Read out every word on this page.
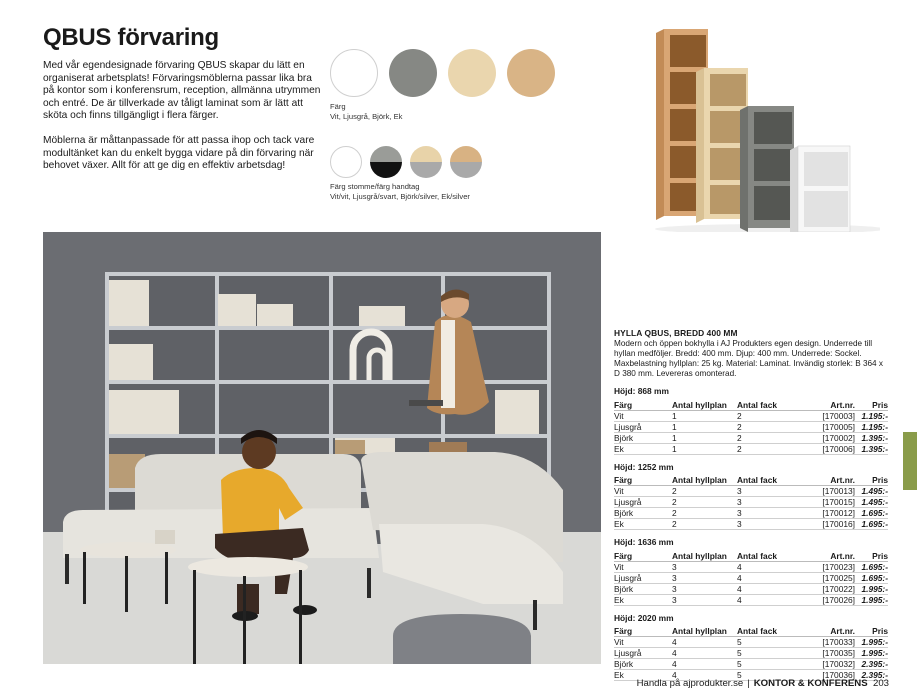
QBUS förvaring

Med vår egendesignade förvaring QBUS skapar du lätt en organiserat arbetsplats! Förvaringsmöblerna passar lika bra på kontor som i konferensrum, reception, allmänna utrymmen och entré. De är tillverkade av tåligt laminat som är lätt att sköta och finns tillgängligt i flera färger.

Möblerna är måttanpassade för att passa ihop och tack vare modultänket kan du enkelt bygga vidare på din förvaring när behovet växer. Allt för att ge dig en effektiv arbetsdag!

Färg
Vit, Ljusgrå, Björk, Ek
Färg stomme/färg handtag
Vit/vit, Ljusgrå/svart, Björk/silver, Ek/silver
HYLLA QBUS, BREDD 400 MM
Modern och öppen bokhylla i AJ Produkters egen design. Underrede till hyllan medföljer. Bredd: 400 mm. Djup: 400 mm. Underrede: Sockel. Maxbelastning hyllplan: 25 kg. Material: Laminat. Invändig storlek: B 364 x D 380 mm. Levereras omonterad.
Höjd: 868 mm
Färg	Antal hyllplan	Antal fack	Art.nr.	Pris
Vit	1	2	[170003]	1.195:-
Ljusgrå	1	2	[170005]	1.195:-
Björk	1	2	[170002]	1.395:-
Ek	1	2	[170006]	1.395:-
Höjd: 1252 mm
Färg	Antal hyllplan	Antal fack	Art.nr.	Pris
Vit	2	3	[170013]	1.495:-
Ljusgrå	2	3	[170015]	1.495:-
Björk	2	3	[170012]	1.695:-
Ek	2	3	[170016]	1.695:-
Höjd: 1636 mm
Färg	Antal hyllplan	Antal fack	Art.nr.	Pris
Vit	3	4	[170023]	1.695:-
Ljusgrå	3	4	[170025]	1.695:-
Björk	3	4	[170022]	1.995:-
Ek	3	4	[170026]	1.995:-
Höjd: 2020 mm
Färg	Antal hyllplan	Antal fack	Art.nr.	Pris
Vit	4	5	[170033]	1.995:-
Ljusgrå	4	5	[170035]	1.995:-
Björk	4	5	[170032]	2.395:-
Ek	4	5	[170036]	2.395:-
Handla på ajprodukter.se | KONTOR & KONFERENS 203
